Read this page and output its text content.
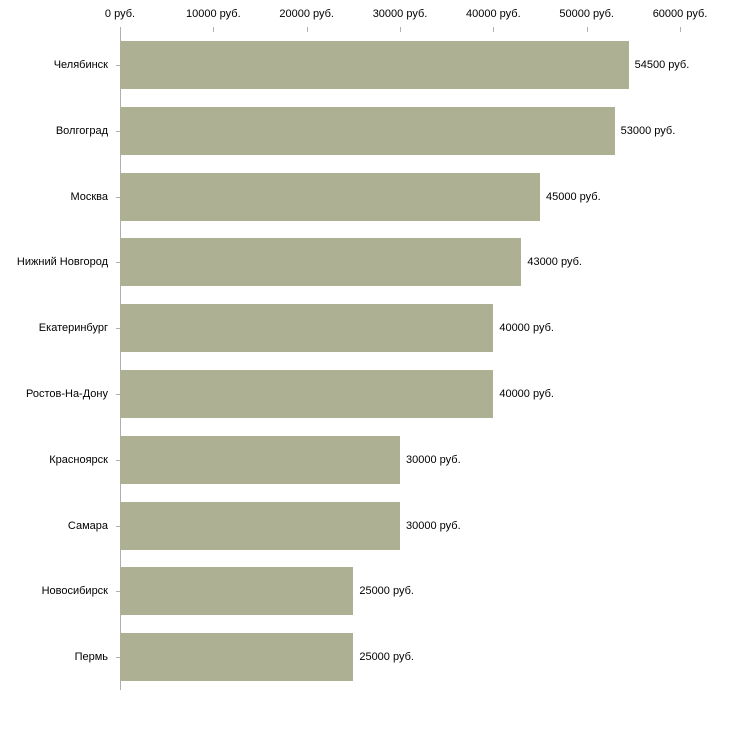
0 руб.	10000 руб.	20000 руб.	30000 руб.	40000 руб.	50000 руб.	60000 руб.
Челябинск
Волгоград
Москва
Нижний Новгород
Екатеринбург
Ростов-На-Дону
Красноярск
Самара
Новосибирск
Пермь
54500 руб.
53000 руб.
45000 руб.
43000 руб.
40000 руб.
40000 руб.
30000 руб.
30000 руб.
25000 руб.
25000 руб.
